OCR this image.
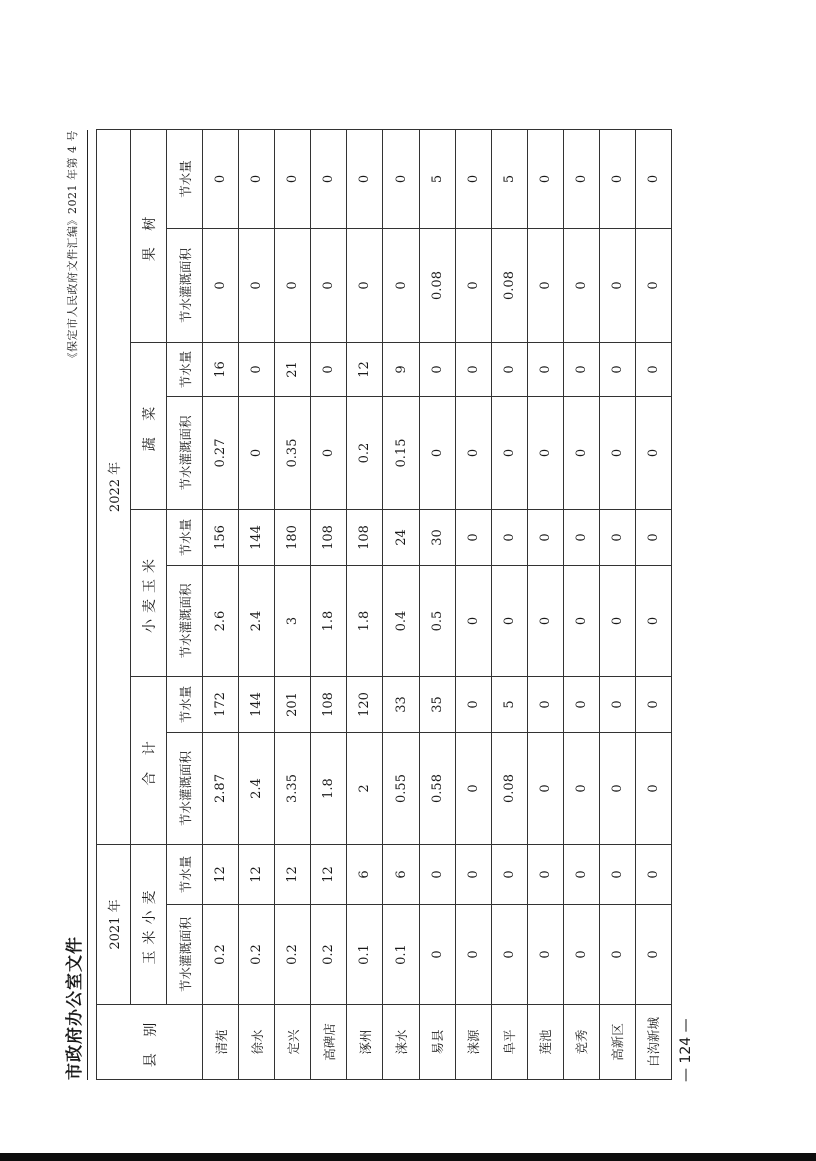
市政府办公室文件
《保定市人民政府文件汇编》2021 年第 4 号
县 别	2021 年		2022 年							
	玉米小麦		合 计		小麦玉米		蔬 菜		果 树	
	节水灌溉面积	节水量	节水灌溉面积	节水量	节水灌溉面积	节水量	节水灌溉面积	节水量	节水灌溉面积	节水量
清苑	0.2	12	2.87	172	2.6	156	0.27	16	0	0
徐水	0.2	12	2.4	144	2.4	144	0	0	0	0
定兴	0.2	12	3.35	201	3	180	0.35	21	0	0
高碑店	0.2	12	1.8	108	1.8	108	0	0	0	0
涿州	0.1	6	2	120	1.8	108	0.2	12	0	0
涞水	0.1	6	0.55	33	0.4	24	0.15	9	0	0
易县	0	0	0.58	35	0.5	30	0	0	0.08	5
涞源	0	0	0	0	0	0	0	0	0	0
阜平	0	0	0.08	5	0	0	0	0	0.08	5
莲池	0	0	0	0	0	0	0	0	0	0
竞秀	0	0	0	0	0	0	0	0	0	0
高新区	0	0	0	0	0	0	0	0	0	0
白沟新城	0	0	0	0	0	0	0	0	0	0
— 124 —
